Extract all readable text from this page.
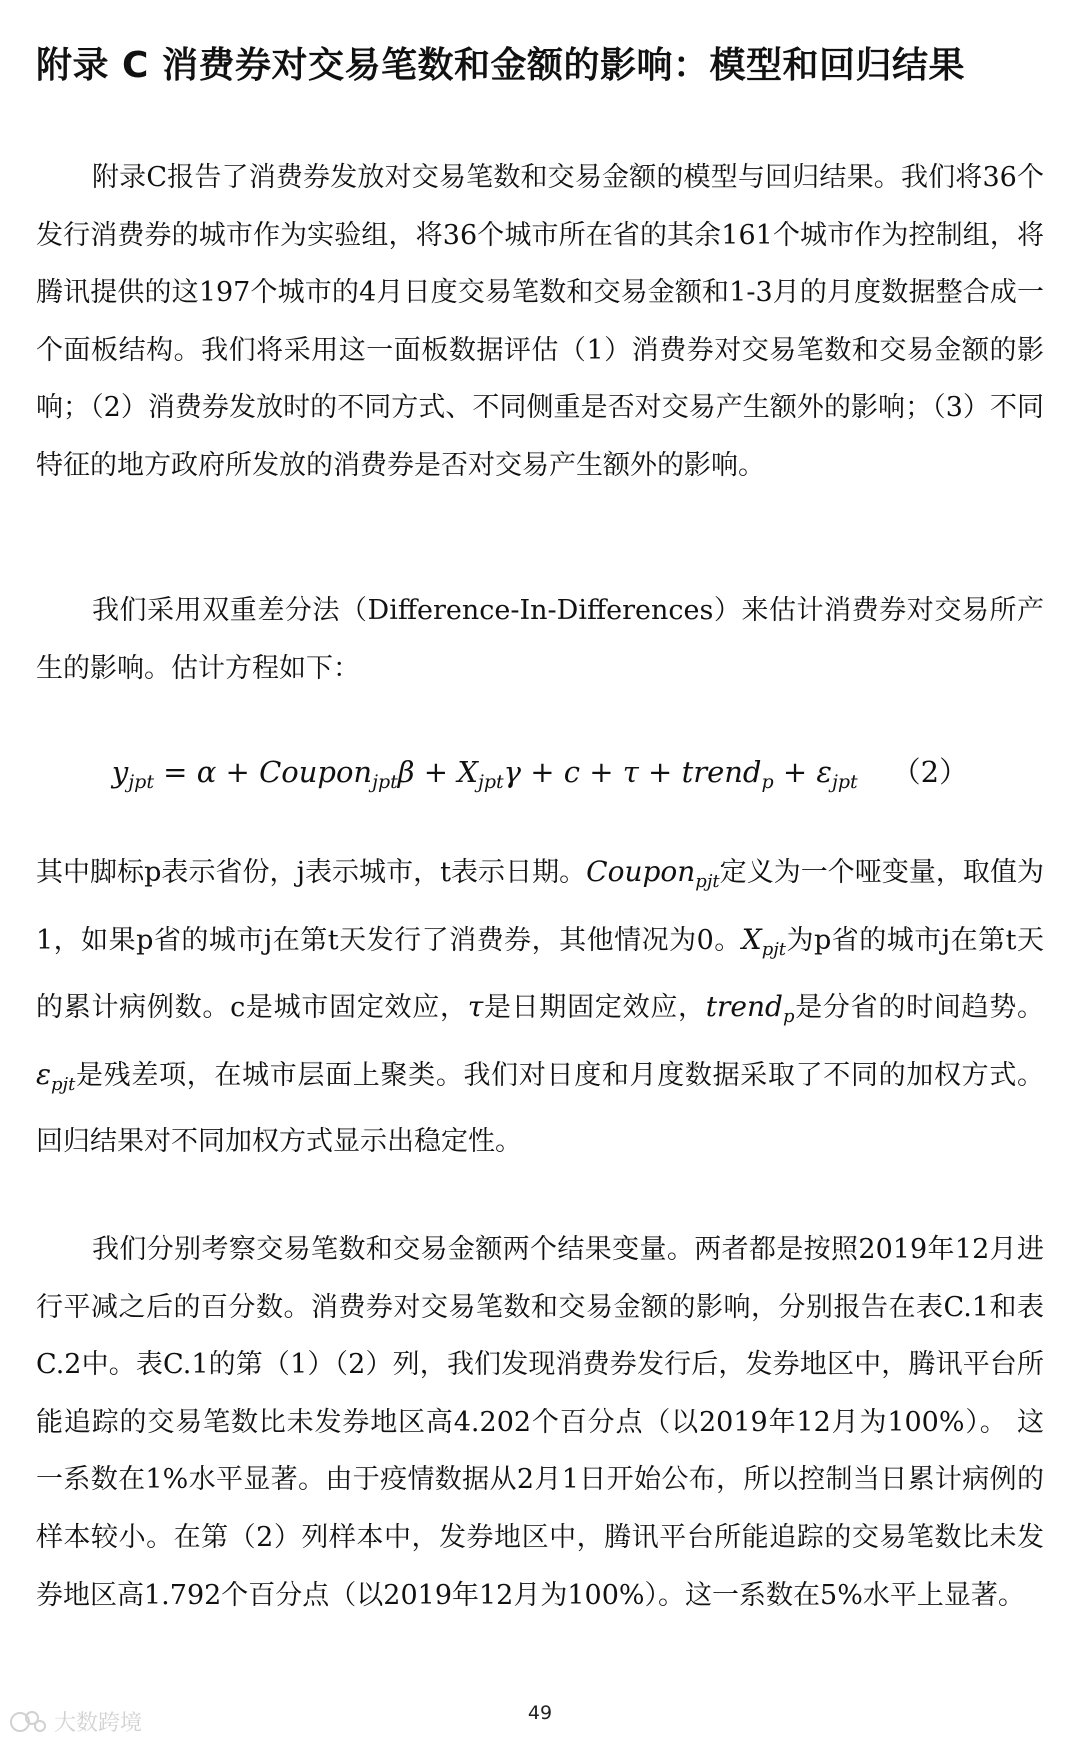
附录 C 消费券对交易笔数和金额的影响：模型和回归结果

附录C报告了消费券发放对交易笔数和交易金额的模型与回归结果。我们将36个发行消费券的城市作为实验组，将36个城市所在省的其余161个城市作为控制组，将腾讯提供的这197个城市的4月日度交易笔数和交易金额和1-3月的月度数据整合成一个面板结构。我们将采用这一面板数据评估（1）消费券对交易笔数和交易金额的影响；（2）消费券发放时的不同方式、不同侧重是否对交易产生额外的影响；（3）不同特征的地方政府所发放的消费券是否对交易产生额外的影响。

我们采用双重差分法（Difference-In-Differences）来估计消费券对交易所产生的影响。估计方程如下：

$y_{jpt} = \alpha$ + Coupon$_{jpt}$β + $X_{jpt}\gamma + c + \tau$ + trend$_p$ + $\varepsilon_{jpt}$ （2）

其中脚标p表示省份，j表示城市，t表示日期。Coupon$_{pjt}$定义为一个哑变量，取值为1，如果p省的城市j在第t天发行了消费券，其他情况为0。$X_{pjt}$为p省的城市j在第t天的累计病例数。c是城市固定效应，τ是日期固定效应，trend$_p$是分省的时间趋势。 $\varepsilon_{pjt}$是残差项，在城市层面上聚类。我们对日度和月度数据采取了不同的加权方式。回归结果对不同加权方式显示出稳定性。

我们分别考察交易笔数和交易金额两个结果变量。两者都是按照2019年12月进行平减之后的百分数。消费券对交易笔数和交易金额的影响，分别报告在表C.1和表C.2中。表C.1的第（1）（2）列，我们发现消费券发行后，发券地区中，腾讯平台所能追踪的交易笔数比未发券地区高4.202个百分点（以2019年12月为100%）。 这一系数在1%水平显著。由于疫情数据从2月1日开始公布，所以控制当日累计病例的样本较小。在第（2）列样本中，发券地区中，腾讯平台所能追踪的交易笔数比未发券地区高1.792个百分点（以2019年12月为100%）。这一系数在5%水平上显著。

大数跨境	49
